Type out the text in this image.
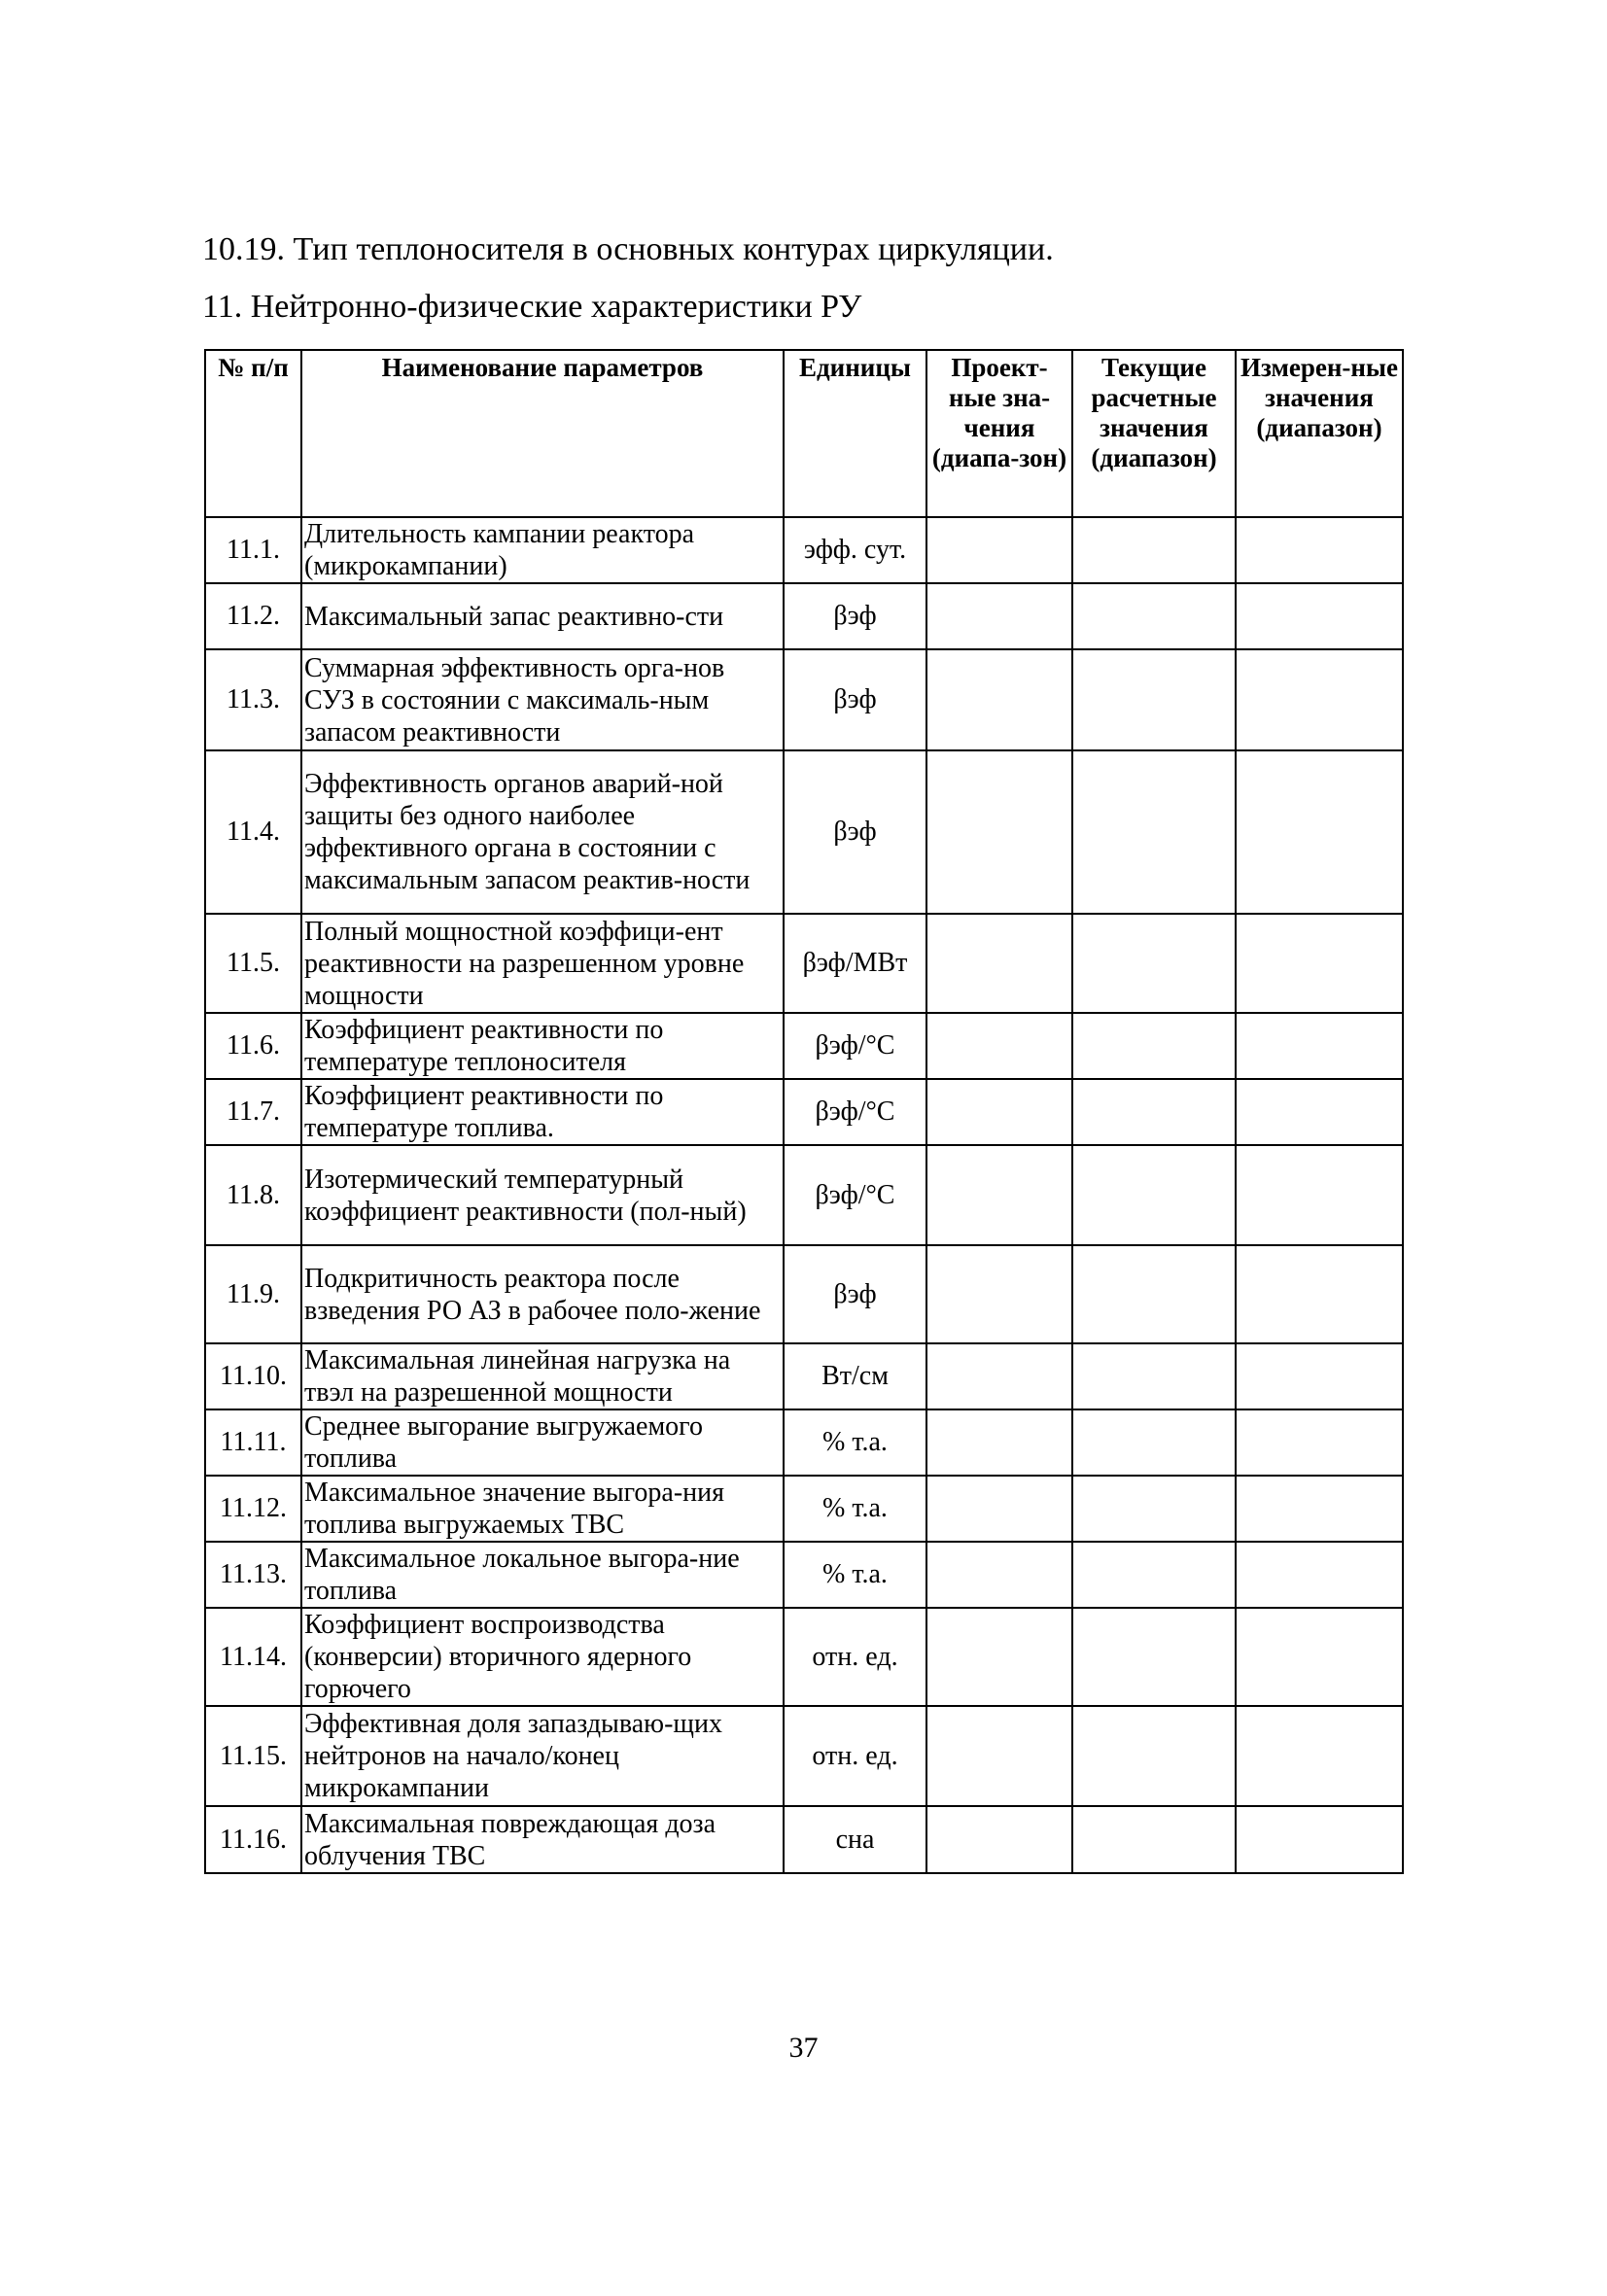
10.19. Тип теплоносителя в основных контурах циркуляции.
11. Нейтронно-физические характеристики РУ
№ п/п	Наименование параметров	Единицы	Проект-ные зна-чения (диапа-зон)	Текущие расчетные значения (диапазон)	Измерен-ные значения (диапазон)
11.1.	Длительность кампании реактора (микрокампании)	эфф. сут.			
11.2.	Максимальный запас реактивно-сти	βэф			
11.3.	Суммарная эффективность орга-нов СУЗ в состоянии с максималь-ным запасом реактивности	βэф			
11.4.	Эффективность органов аварий-ной защиты без одного наиболее эффективного органа в состоянии с максимальным запасом реактив-ности	βэф			
11.5.	Полный мощностной коэффици-ент реактивности на разрешенном уровне мощности	βэф/МВт			
11.6.	Коэффициент реактивности по температуре теплоносителя	βэф/°С			
11.7.	Коэффициент реактивности по температуре топлива.	βэф/°С			
11.8.	Изотермический температурный коэффициент реактивности (пол-ный)	βэф/°С			
11.9.	Подкритичность реактора после взведения РО АЗ в рабочее поло-жение	βэф			
11.10.	Максимальная линейная нагрузка на твэл на разрешенной мощности	Вт/см			
11.11.	Среднее выгорание выгружаемого топлива	% т.а.			
11.12.	Максимальное значение выгора-ния топлива выгружаемых ТВС	% т.а.			
11.13.	Максимальное локальное выгора-ние топлива	% т.а.			
11.14.	Коэффициент воспроизводства (конверсии) вторичного ядерного горючего	отн. ед.			
11.15.	Эффективная доля запаздываю-щих нейтронов на начало/конец микрокампании	отн. ед.			
11.16.	Максимальная повреждающая доза облучения ТВС	сна			
37
